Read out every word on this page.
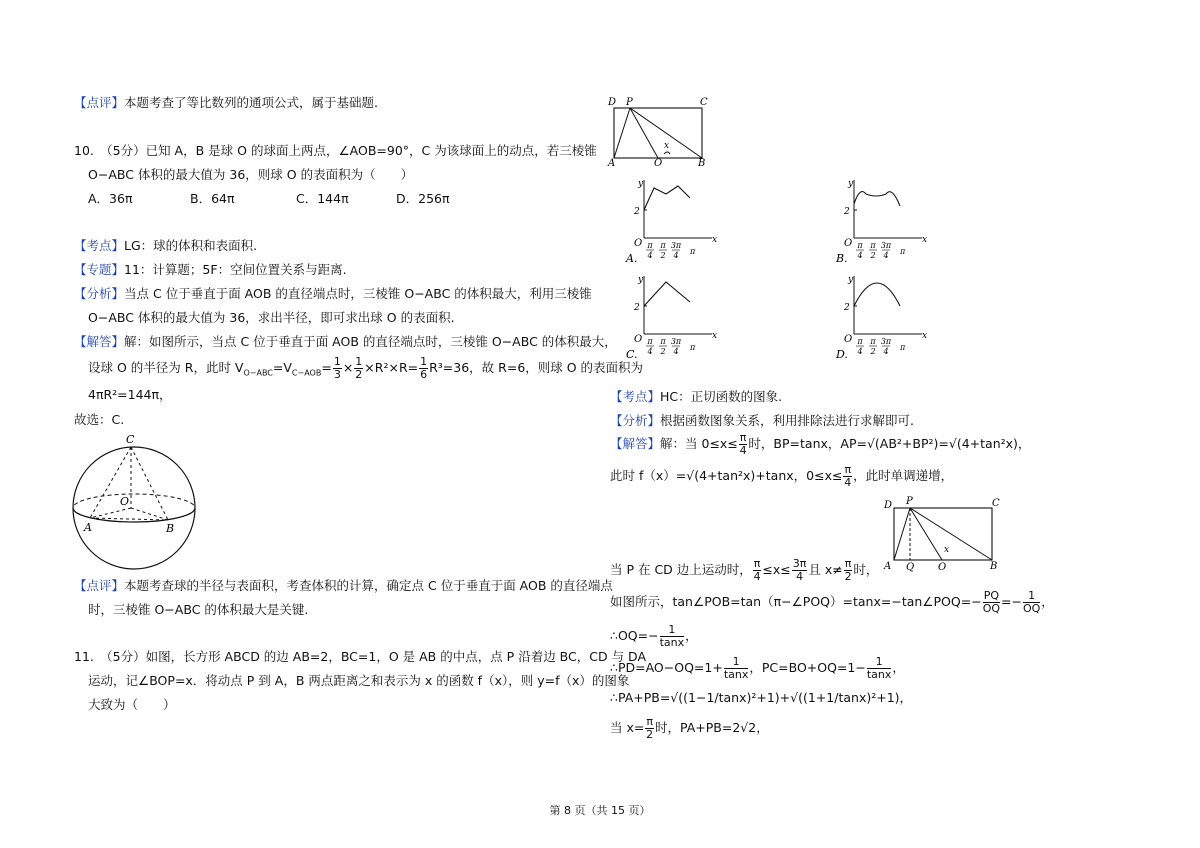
【点评】本题考查了等比数列的通项公式，属于基础题.
10.　（5分）已知 A，B 是球 O 的球面上两点，∠AOB=90°，C 为该球面上的动点，若三棱锥
O−ABC 体积的最大值为 36，则球 O 的表面积为（　　）
A．36π	B．64π	C．144π	D．256π
【考点】LG：球的体积和表面积.
【专题】11：计算题；5F：空间位置关系与距离.
【分析】当点 C 位于垂直于面 AOB 的直径端点时，三棱锥 O−ABC 的体积最大，利用三棱锥
O−ABC 体积的最大值为 36，求出半径，即可求出球 O 的表面积.
【解答】解：如图所示，当点 C 位于垂直于面 AOB 的直径端点时，三棱锥 O−ABC 的体积最大，
设球 O 的半径为 R，此时 $V_{O-ABC}=V_{C-AOB}= \frac{1}{3} \times \frac{1}{2} \times R^2\times R= \frac{1}{6} R^3=36$，故 R=6，则球 O 的表面积为
4πR²=144π，
故选：C.
C
O
A	B
【点评】本题考查球的半径与表面积，考查体积的计算，确定点 C 位于垂直于面 AOB 的直径端点
时，三棱锥 O−ABC 的体积最大是关键.
11.　（5分）如图，长方形 ABCD 的边 AB=2，BC=1，O 是 AB 的中点，点 P 沿着边 BC，CD 与 DA
运动，记∠BOP=x．将动点 P 到 A，B 两点距离之和表示为 x 的函数 f（x），则 y=f（x）的图象
大致为（　　）
D P	C
A	O	B
x
y
x
O
2
π
4
π
2
3π
4 π
A.
y
x
O
2
π
4
π
2
3π
4 π
B.
y
x
O
2
π
4
π
2
3π
4 π
C.
y
x
O
2
π
4
π
2
3π
4 π
D.
【考点】HC：正切函数的图象.
【分析】根据函数图象关系，利用排除法进行求解即可.
【解答】解：当 $0\le x\le \frac{\pi}{4}$ 时，BP=tanx，AP=√(AB²+BP²)=√(4+tan²x)，
此时 f（x）=√(4+tan²x)+tanx，$0\le x\le \frac{\pi}{4}$ ，此时单调递增，
D P	C
A Q O	B
x
当 P 在 CD 边上运动时， $\frac{\pi}{4} \le x\le \frac{3\pi}{4}$ 且 $x\ne \frac{\pi}{2}$ 时，
如图所示，tan∠POB=tan（π−∠POQ）=tanx=−tan∠POQ=− $\frac{PQ}{OQ} =- \frac{1}{OQ}$ ，
∴OQ=− $\frac{1}{\tan x}$ ，
∴PD=AO−OQ=1+ $\frac{1}{\tan x}$ ，$PC=BO+OQ=1- \frac{1}{\tan x}$ ，
∴PA+PB=√((1−1/tanx)²+1)+√((1+1/tanx)²+1)，
当 $x= \frac{\pi}{2}$ 时，PA+PB=2√2，
第 8 页（共 15 页）
